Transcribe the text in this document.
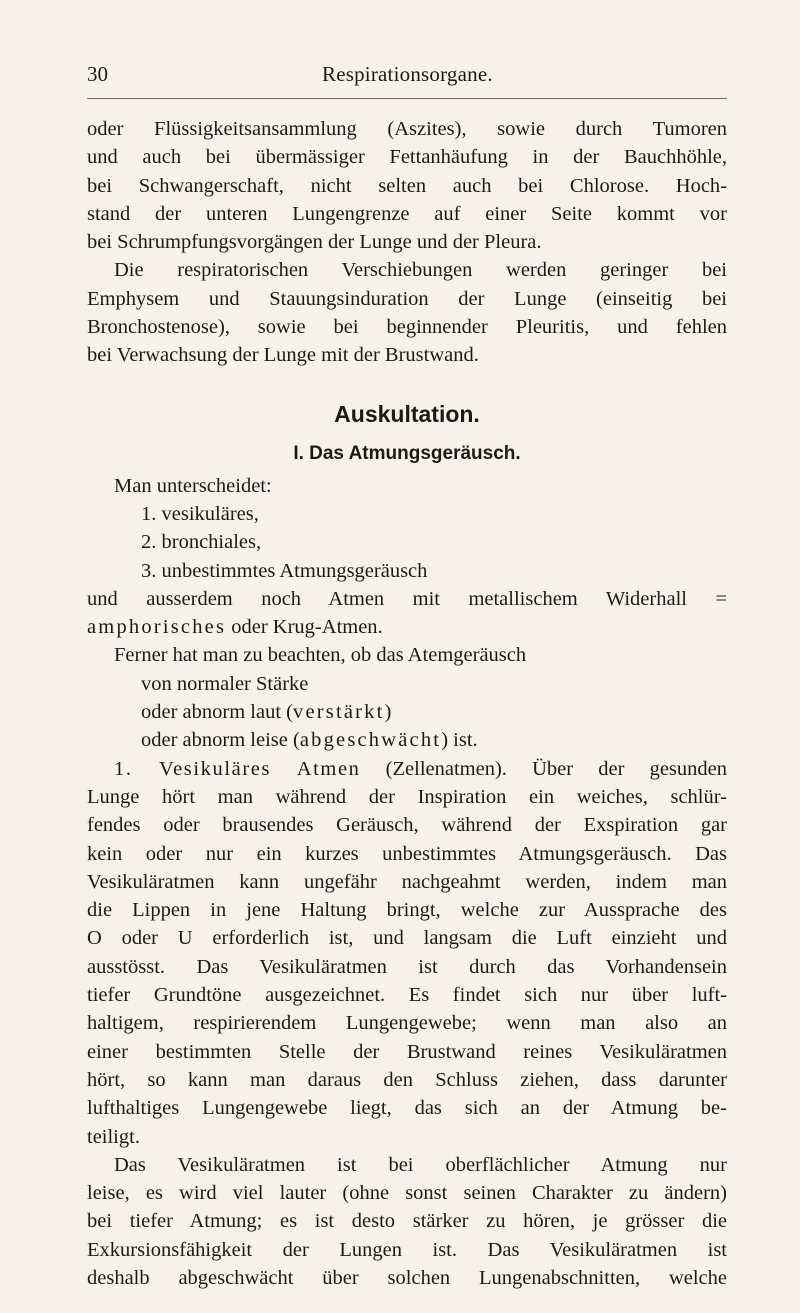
30	Respirationsorgane.

oder Flüssigkeitsansammlung (Aszites), sowie durch Tumoren
und auch bei übermässiger Fettanhäufung in der Bauchhöhle,
bei Schwangerschaft, nicht selten auch bei Chlorose. Hoch-
stand der unteren Lungengrenze auf einer Seite kommt vor
bei Schrumpfungsvorgängen der Lunge und der Pleura.

Die respiratorischen Verschiebungen werden geringer bei
Emphysem und Stauungsinduration der Lunge (einseitig bei
Bronchostenose), sowie bei beginnender Pleuritis, und fehlen
bei Verwachsung der Lunge mit der Brustwand.

Auskultation.
I. Das Atmungsgeräusch.

Man unterscheidet:
1. vesikuläres,
2. bronchiales,
3. unbestimmtes Atmungsgeräusch
und ausserdem noch Atmen mit metallischem Widerhall =
amphorisches oder Krug-Atmen.

Ferner hat man zu beachten, ob das Atemgeräusch
von normaler Stärke
oder abnorm laut (verstärkt)
oder abnorm leise (abgeschwächt) ist.

1. Vesikuläres Atmen (Zellenatmen). Über der gesunden
Lunge hört man während der Inspiration ein weiches, schlür-
fendes oder brausendes Geräusch, während der Exspiration gar
kein oder nur ein kurzes unbestimmtes Atmungsgeräusch. Das
Vesikuläratmen kann ungefähr nachgeahmt werden, indem man
die Lippen in jene Haltung bringt, welche zur Aussprache des
O oder U erforderlich ist, und langsam die Luft einzieht und
ausstösst. Das Vesikuläratmen ist durch das Vorhandensein
tiefer Grundtöne ausgezeichnet. Es findet sich nur über luft-
haltigem, respirierendem Lungengewebe; wenn man also an
einer bestimmten Stelle der Brustwand reines Vesikuläratmen
hört, so kann man daraus den Schluss ziehen, dass darunter
lufthaltiges Lungengewebe liegt, das sich an der Atmung be-
teiligt.

Das Vesikuläratmen ist bei oberflächlicher Atmung nur
leise, es wird viel lauter (ohne sonst seinen Charakter zu ändern)
bei tiefer Atmung; es ist desto stärker zu hören, je grösser die
Exkursionsfähigkeit der Lungen ist. Das Vesikuläratmen ist
deshalb abgeschwächt über solchen Lungenabschnitten, welche
